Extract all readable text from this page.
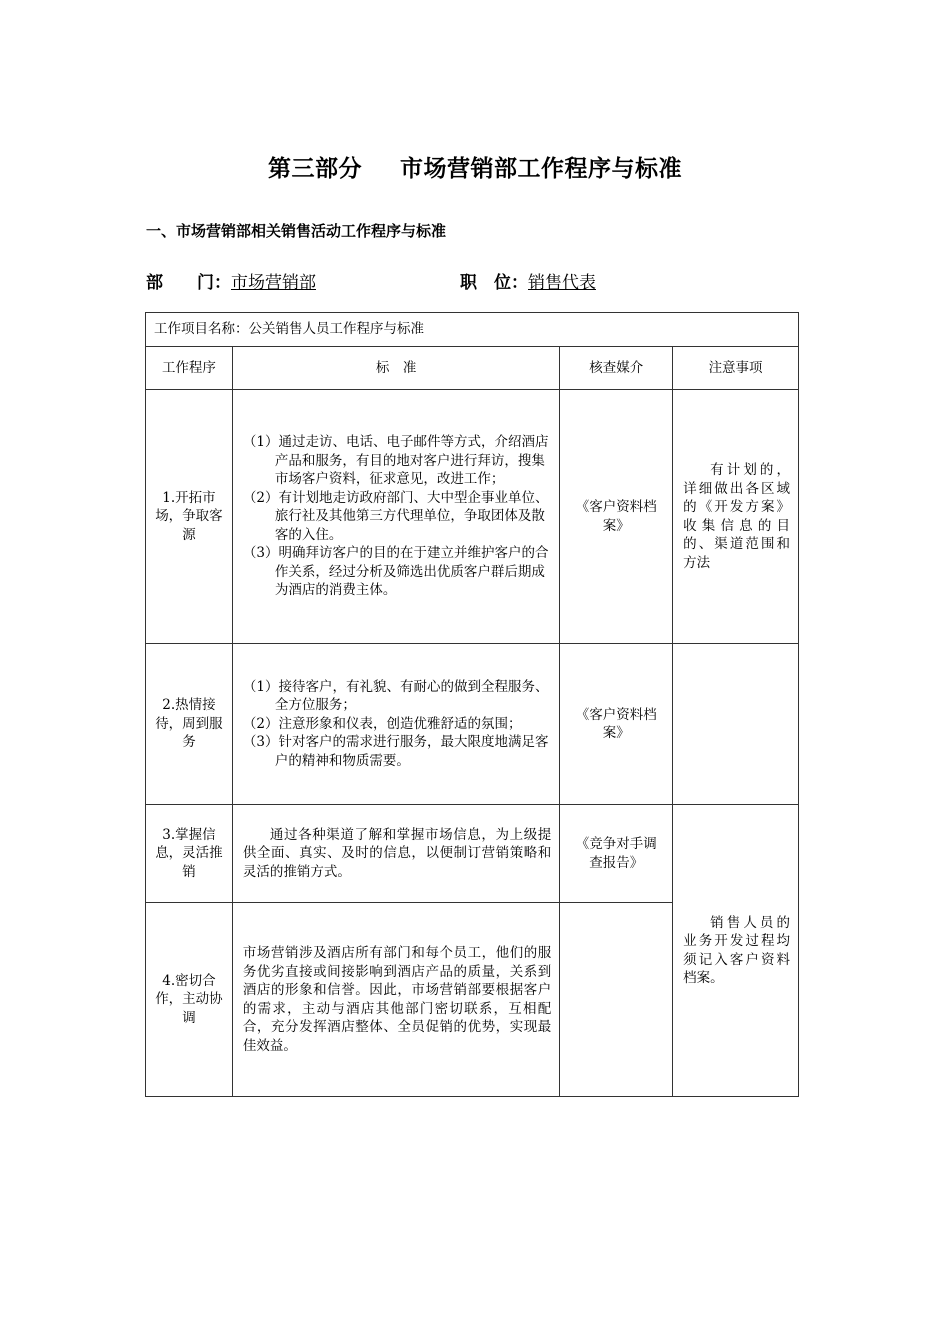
第三部分 市场营销部工作程序与标准
一、市场营销部相关销售活动工作程序与标准
部　　门：市场营销部	职　位：销售代表
工作项目名称：公关销售人员工作程序与标准			
工作程序	标　准	核查媒介	注意事项
1.开拓市场，争取客源	（1）通过走访、电话、电子邮件等方式，介绍酒店产品和服务，有目的地对客户进行拜访，搜集市场客户资料，征求意见，改进工作；
（2）有计划地走访政府部门、大中型企事业单位、旅行社及其他第三方代理单位，争取团体及散客的入住。
（3）明确拜访客户的目的在于建立并维护客户的合作关系，经过分析及筛选出优质客户群后期成为酒店的消费主体。	《客户资料档案》	有计划的，详细做出各区域的《开发方案》收集信息的目的、渠道范围和方法
2.热情接待，周到服务	（1）接待客户，有礼貌、有耐心的做到全程服务、全方位服务；
（2）注意形象和仪表，创造优雅舒适的氛围；
（3）针对客户的需求进行服务，最大限度地满足客户的精神和物质需要。	《客户资料档案》	
3.掌握信息，灵活推销	通过各种渠道了解和掌握市场信息，为上级提供全面、真实、及时的信息，以便制订营销策略和灵活的推销方式。	《竞争对手调查报告》	销售人员的业务开发过程均须记入客户资料档案。
4.密切合作，主动协调	市场营销涉及酒店所有部门和每个员工，他们的服务优劣直接或间接影响到酒店产品的质量，关系到酒店的形象和信誉。因此，市场营销部要根据客户的需求，主动与酒店其他部门密切联系，互相配合，充分发挥酒店整体、全员促销的优势，实现最佳效益。		
